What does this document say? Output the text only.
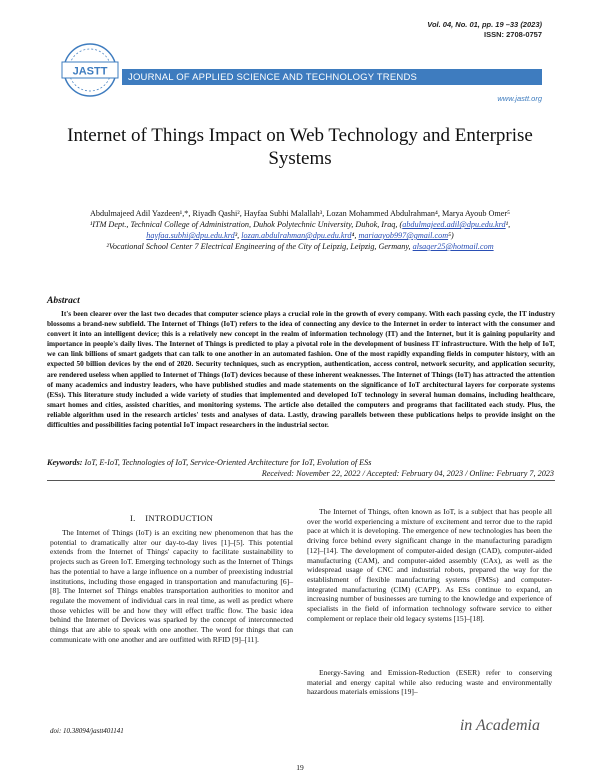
Vol. 04, No. 01, pp. 19 –33 (2023)
ISSN: 2708-0757
JASTT JOURNAL OF APPLIED SCIENCE AND TECHNOLOGY TRENDS
www.jastt.org
Internet of Things Impact on Web Technology and Enterprise Systems
Abdulmajeed Adil Yazdeen¹,*, Riyadh Qashi², Hayfaa Subhi Malallah³, Lozan Mohammed Abdulrahman⁴, Marya Ayoub Omer⁵
¹ITM Dept., Technical College of Administration, Duhok Polytechnic University, Duhok, Iraq, (abdulmajeed.adil@dpu.edu.krd¹,
hayfaa.subhi@dpu.edu.krd³, lozan.abdulrahman@dpu.edu.krd⁴, mariaayob997@gmail.com⁵)
²Vocational School Center 7 Electrical Engineering of the City of Leipzig, Leipzig, Germany, alsaqer25@hotmail.com
Abstract
It's been clearer over the last two decades that computer science plays a crucial role in the growth of every company. With each passing cycle, the IT industry blossoms a brand-new subfield. The Internet of Things (IoT) refers to the idea of connecting any device to the Internet in order to interact with the consumer and convert it into an intelligent device; this is a relatively new concept in the realm of information technology (IT) and the Internet, but it is gaining popularity and importance in people's daily lives. The Internet of Things is predicted to play a pivotal role in the development of business IT infrastructure. With the help of IoT, we can link billions of smart gadgets that can talk to one another in an automated fashion. One of the most rapidly expanding fields in computer history, with an expected 50 billion devices by the end of 2020. Security techniques, such as encryption, authentication, access control, network security, and application security, are rendered useless when applied to Internet of Things (IoT) devices because of these inherent weaknesses. The Internet of Things (IoT) has attracted the attention of many academics and industry leaders, who have published studies and made statements on the significance of IoT architectural layers for corporate systems (ESs). This literature study included a wide variety of studies that implemented and developed IoT technology in several human domains, including healthcare, smart homes and cities, assisted charities, and monitoring systems. The article also detailed the computers and programs that facilitated each study. Plus, the reliable algorithm used in the research articles' tests and analyses of data. Lastly, drawing parallels between these publications helps to provide insight on the difficulties and possibilities facing potential IoT impact researchers in the industrial sector.
Keywords: IoT, E-IoT, Technologies of IoT, Service-Oriented Architecture for IoT, Evolution of ESs
Received: November 22, 2022 / Accepted: February 04, 2023 / Online: February 7, 2023
I. INTRODUCTION

The Internet of Things (IoT) is an exciting new phenomenon that has the potential to dramatically alter our day-to-day lives [1]–[5]. This potential extends from the Internet of Things' capacity to facilitate sustainability to projects such as Green IoT. Emerging technology such as the Internet of Things has the potential to have a large influence on a number of preexisting industrial institutions, including those engaged in transportation and manufacturing [6]–[8]. The Internet sof Things enables transportation authorities to monitor and regulate the movement of individual cars in real time, as well as predict where those vehicles will be and how they will effect traffic flow. The basic idea behind the Internet of Devices was sparked by the concept of interconnected things that are able to speak with one another. The word for things that can communicate with one another and are outfitted with RFID [9]–[11].

The Internet of Things, often known as IoT, is a subject that has people all over the world experiencing a mixture of excitement and terror due to the rapid pace at which it is developing. The emergence of new technologies has been the driving force behind every significant change in the manufacturing paradigm [12]–[14]. The development of computer-aided design (CAD), computer-aided manufacturing (CAM), and computer-aided assembly (CAx), as well as the widespread usage of CNC and industrial robots, prepared the way for the establishment of flexible manufacturing systems (FMSs) and computer-integrated manufacturing (CIM) (CAPP). As ESs continue to expand, an increasing number of businesses are turning to the knowledge and experience of specialists in the field of information technology software service to either complement or replace their old legacy systems [15]–[18].

Energy-Saving and Emission-Reduction (ESER) refer to conserving material and energy capital while also reducing waste and environmentally hazardous materials emissions [19]–

doi: 10.38094/jastt401141	in Academia
19
